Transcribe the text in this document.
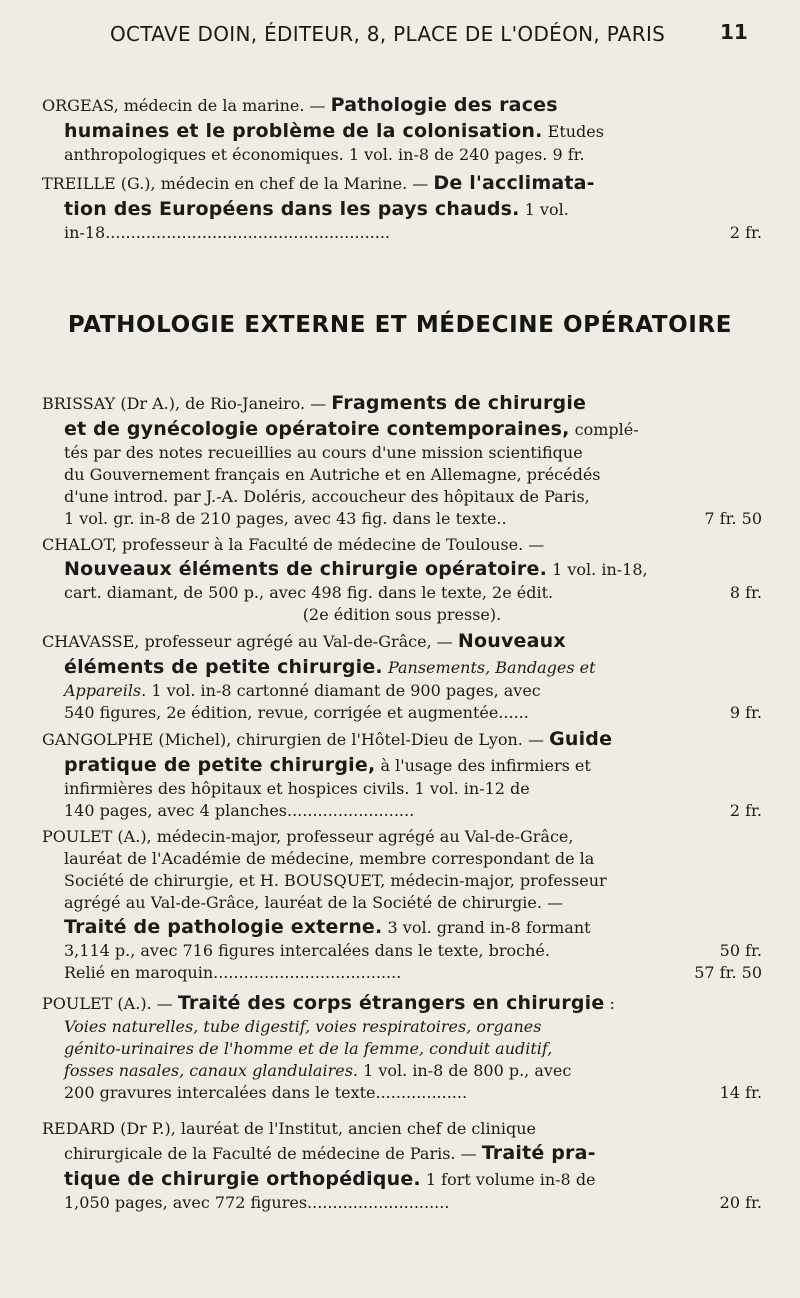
OCTAVE DOIN, ÉDITEUR, 8, PLACE DE L'ODÉON, PARIS	11
ORGEAS, médecin de la marine. — Pathologie des races
humaines et le problème de la colonisation. Etudes
anthropologiques et économiques. 1 vol. in-8 de 240 pages. 9 fr.
TREILLE (G.), médecin en chef de la Marine. — De l'acclimata-
tion des Européens dans les pays chauds. 1 vol.
in-18........................................................	2 fr.
PATHOLOGIE EXTERNE ET MÉDECINE OPÉRATOIRE
BRISSAY (Dr A.), de Rio-Janeiro. — Fragments de chirurgie
et de gynécologie opératoire contemporaines, complé-
tés par des notes recueillies au cours d'une mission scientifique
du Gouvernement français en Autriche et en Allemagne, précédés
d'une introd. par J.-A. Doléris, accoucheur des hôpitaux de Paris,
1 vol. gr. in-8 de 210 pages, avec 43 fig. dans le texte..	7 fr. 50
CHALOT, professeur à la Faculté de médecine de Toulouse. —
Nouveaux éléments de chirurgie opératoire. 1 vol. in-18,
cart. diamant, de 500 p., avec 498 fig. dans le texte, 2e édit.	8 fr.
(2e édition sous presse).
CHAVASSE, professeur agrégé au Val-de-Grâce, — Nouveaux
éléments de petite chirurgie. Pansements, Bandages et
Appareils. 1 vol. in-8 cartonné diamant de 900 pages, avec
540 figures, 2e édition, revue, corrigée et augmentée......	9 fr.
GANGOLPHE (Michel), chirurgien de l'Hôtel-Dieu de Lyon. — Guide
pratique de petite chirurgie, à l'usage des infirmiers et
infirmières des hôpitaux et hospices civils. 1 vol. in-12 de
140 pages, avec 4 planches.........................	2 fr.
POULET (A.), médecin-major, professeur agrégé au Val-de-Grâce,
lauréat de l'Académie de médecine, membre correspondant de la
Société de chirurgie, et H. BOUSQUET, médecin-major, professeur
agrégé au Val-de-Grâce, lauréat de la Société de chirurgie. —
Traité de pathologie externe. 3 vol. grand in-8 formant
3,114 p., avec 716 figures intercalées dans le texte, broché.	50 fr.
Relié en maroquin.....................................	57 fr. 50
POULET (A.). — Traité des corps étrangers en chirurgie :
Voies naturelles, tube digestif, voies respiratoires, organes
génito-urinaires de l'homme et de la femme, conduit auditif,
fosses nasales, canaux glandulaires. 1 vol. in-8 de 800 p., avec
200 gravures intercalées dans le texte..................	14 fr.
REDARD (Dr P.), lauréat de l'Institut, ancien chef de clinique
chirurgicale de la Faculté de médecine de Paris. — Traité pra-
tique de chirurgie orthopédique. 1 fort volume in-8 de
1,050 pages, avec 772 figures............................	20 fr.
